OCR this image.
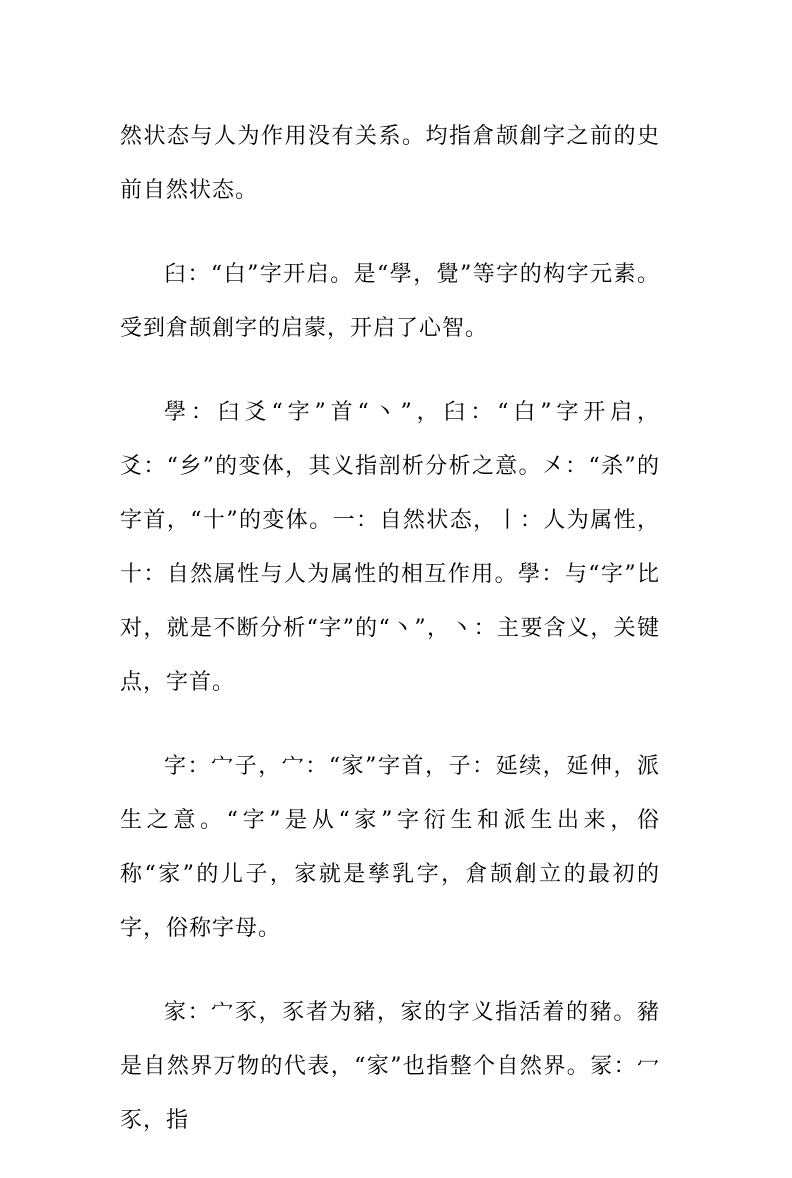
然状态与人为作用没有关系。均指倉颉創字之前的史前自然状态。

臼：“白”字开启。是“學，覺”等字的构字元素。受到倉颉創字的启蒙，开启了心智。

學：臼爻“字”首“丶”，臼：“白”字开启，爻：“乡”的变体，其义指剖析分析之意。㐅：“杀”的字首，“十”的变体。一：自然状态，丨：人为属性，十：自然属性与人为属性的相互作用。學：与“字”比对，就是不断分析“字”的“丶”，丶：主要含义，关键点，字首。

字：宀子，宀：“家”字首，子：延续，延伸，派生之意。“字”是从“家”字衍生和派生出来，俗称“家”的儿子，家就是孳乳字，倉颉創立的最初的字，俗称字母。

家：宀豕，豕者为豬，家的字义指活着的豬。豬是自然界万物的代表，“家”也指整个自然界。冡：冖豕，指
